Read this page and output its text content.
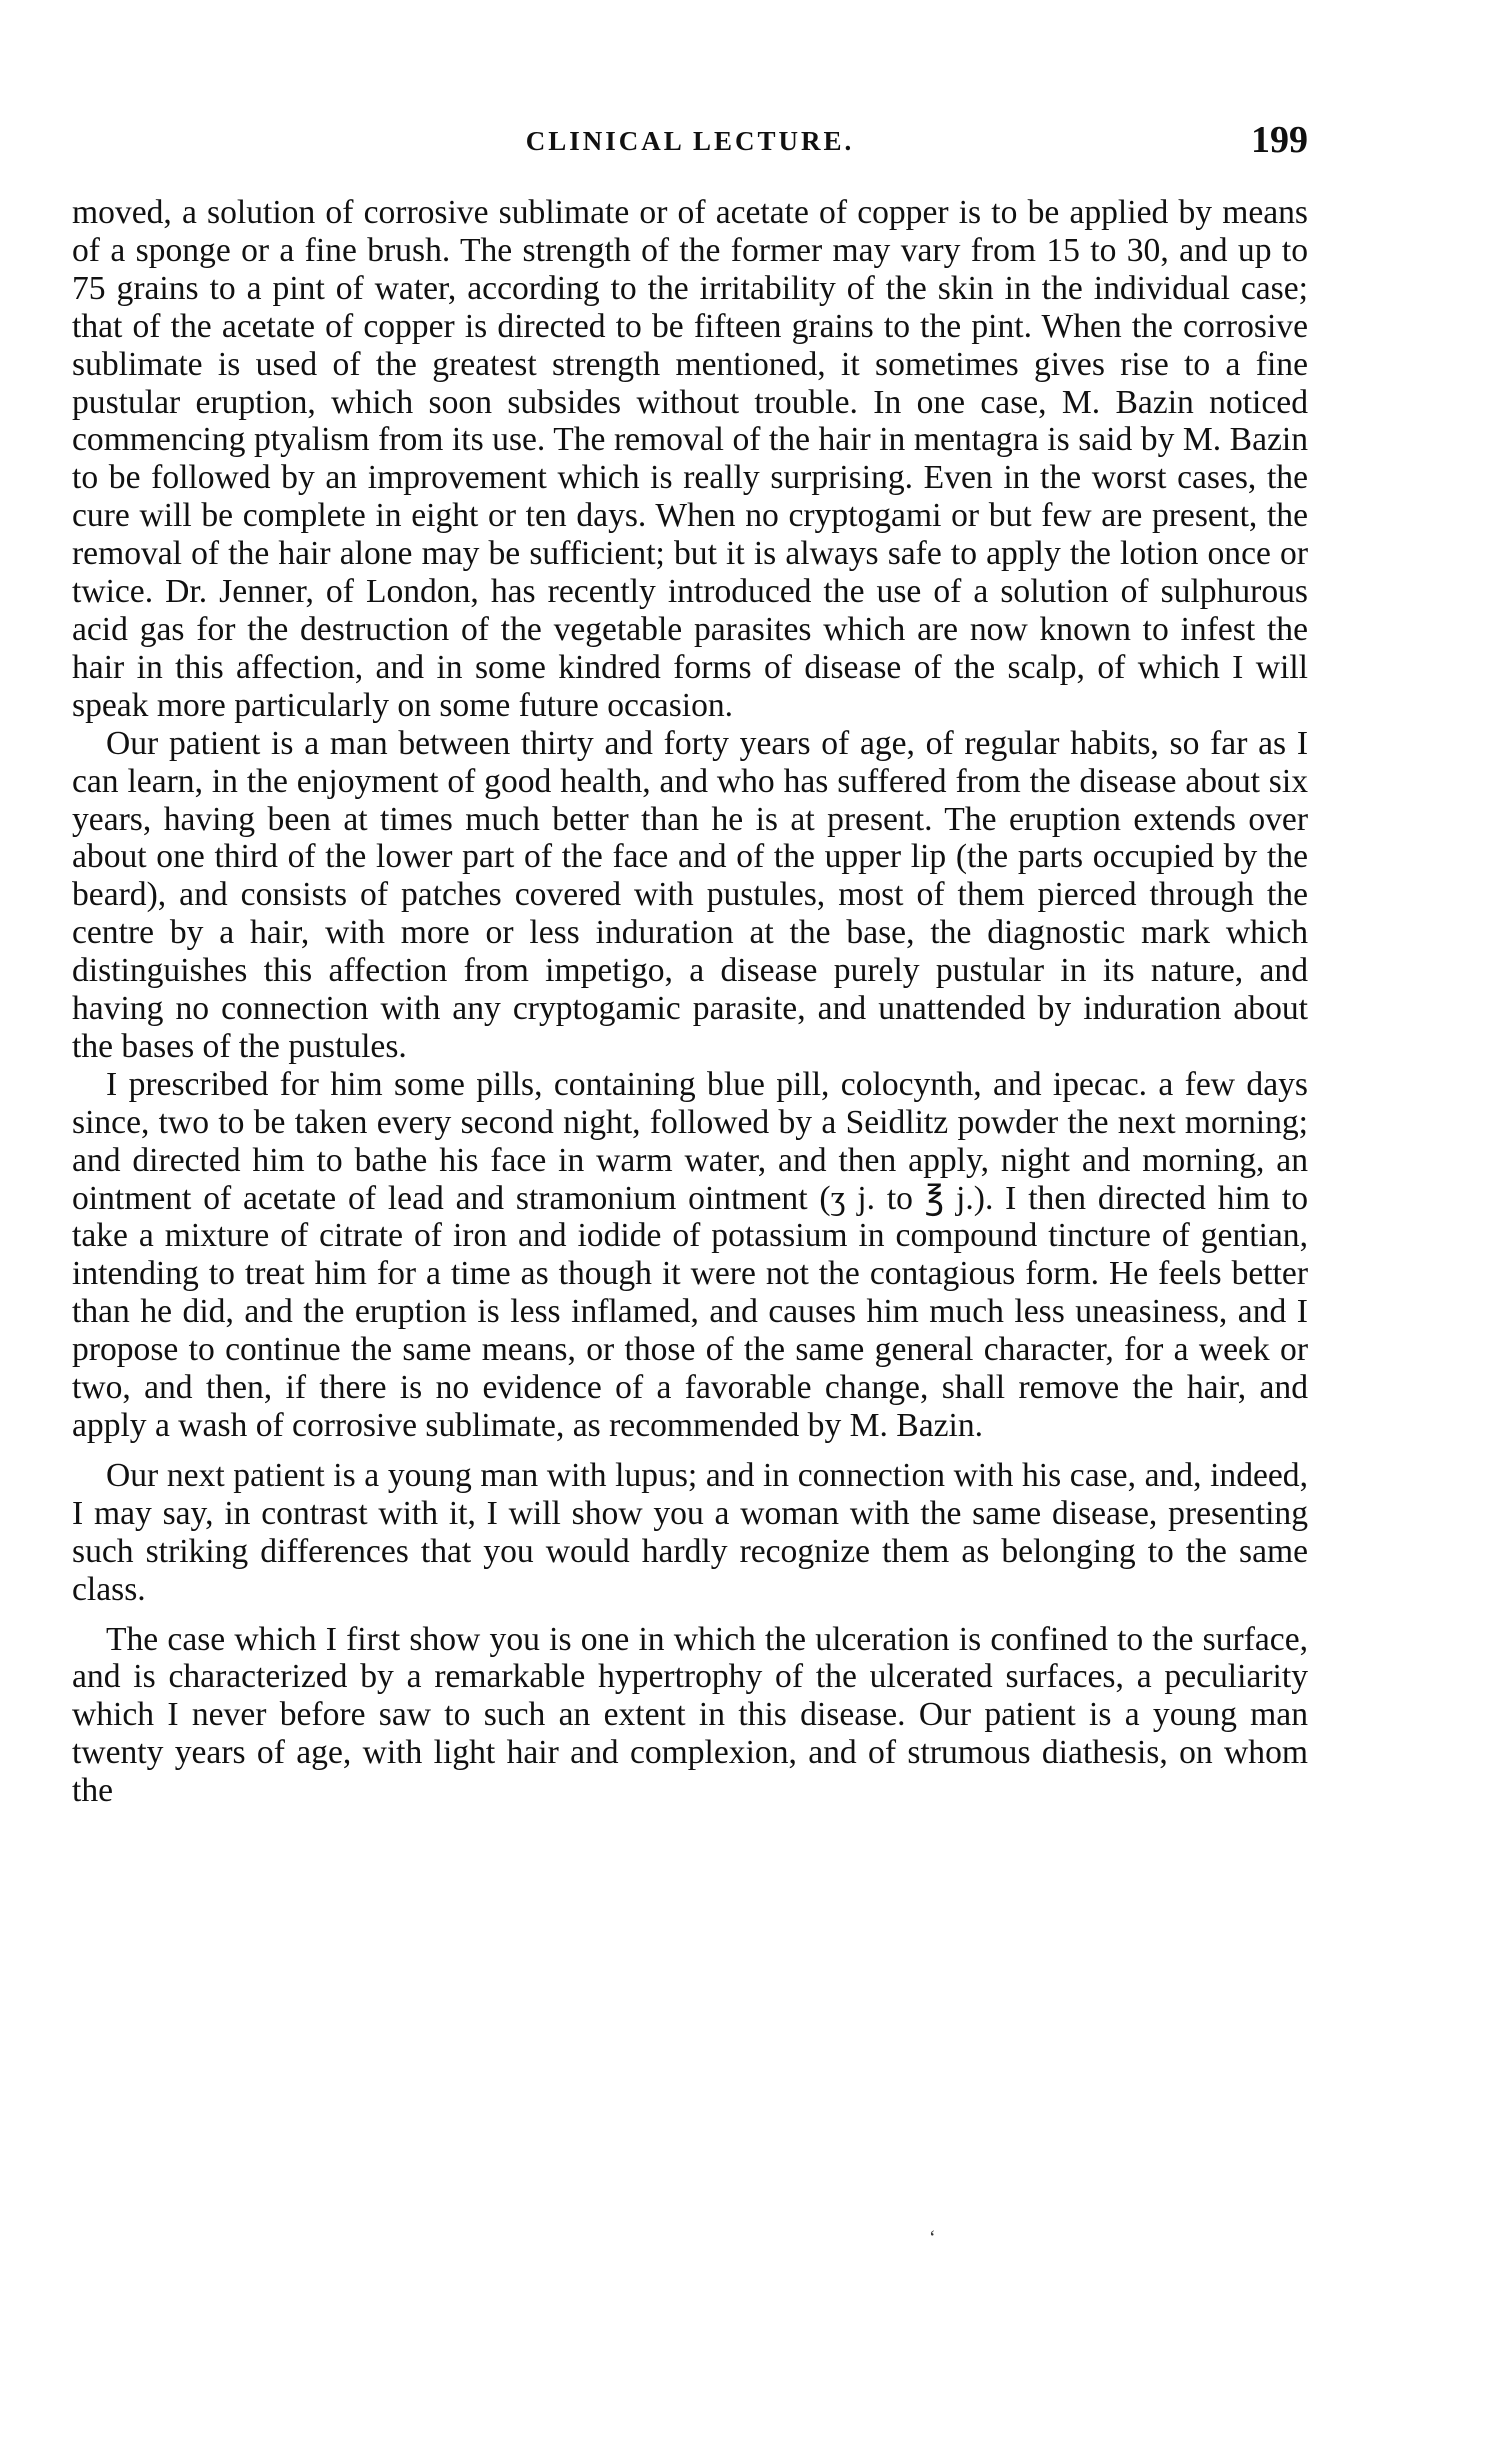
CLINICAL LECTURE.	199

moved, a solution of corrosive sublimate or of acetate of copper is to be applied by means of a sponge or a fine brush. The strength of the former may vary from 15 to 30, and up to 75 grains to a pint of water, according to the irritability of the skin in the individual case; that of the acetate of copper is directed to be fifteen grains to the pint. When the corrosive sublimate is used of the greatest strength mentioned, it sometimes gives rise to a fine pustular eruption, which soon subsides without trouble. In one case, M. Bazin noticed commencing ptyalism from its use. The removal of the hair in mentagra is said by M. Bazin to be followed by an improvement which is really surprising. Even in the worst cases, the cure will be complete in eight or ten days. When no cryptogami or but few are present, the removal of the hair alone may be sufficient; but it is always safe to apply the lotion once or twice. Dr. Jenner, of London, has recently introduced the use of a solution of sulphurous acid gas for the destruction of the vegetable parasites which are now known to infest the hair in this affection, and in some kindred forms of disease of the scalp, of which I will speak more particularly on some future occasion.

Our patient is a man between thirty and forty years of age, of regular habits, so far as I can learn, in the enjoyment of good health, and who has suffered from the disease about six years, having been at times much better than he is at present. The eruption extends over about one third of the lower part of the face and of the upper lip (the parts occupied by the beard), and consists of patches covered with pustules, most of them pierced through the centre by a hair, with more or less induration at the base, the diagnostic mark which distinguishes this affection from impetigo, a disease purely pustular in its nature, and having no connection with any cryptogamic parasite, and unattended by induration about the bases of the pustules.

I prescribed for him some pills, containing blue pill, colocynth, and ipecac. a few days since, two to be taken every second night, followed by a Seidlitz powder the next morning; and directed him to bathe his face in warm water, and then apply, night and morning, an ointment of acetate of lead and stramonium ointment (ʒ j. to ℥ j.). I then directed him to take a mixture of citrate of iron and iodide of potassium in compound tincture of gentian, intending to treat him for a time as though it were not the contagious form. He feels better than he did, and the eruption is less inflamed, and causes him much less uneasiness, and I propose to continue the same means, or those of the same general character, for a week or two, and then, if there is no evidence of a favorable change, shall remove the hair, and apply a wash of corrosive sublimate, as recommended by M. Bazin.

Our next patient is a young man with lupus; and in connection with his case, and, indeed, I may say, in contrast with it, I will show you a woman with the same disease, presenting such striking differences that you would hardly recognize them as belonging to the same class.

The case which I first show you is one in which the ulceration is confined to the surface, and is characterized by a remarkable hypertrophy of the ulcerated surfaces, a peculiarity which I never before saw to such an extent in this disease. Our patient is a young man twenty years of age, with light hair and complexion, and of strumous diathesis, on whom the

‘
